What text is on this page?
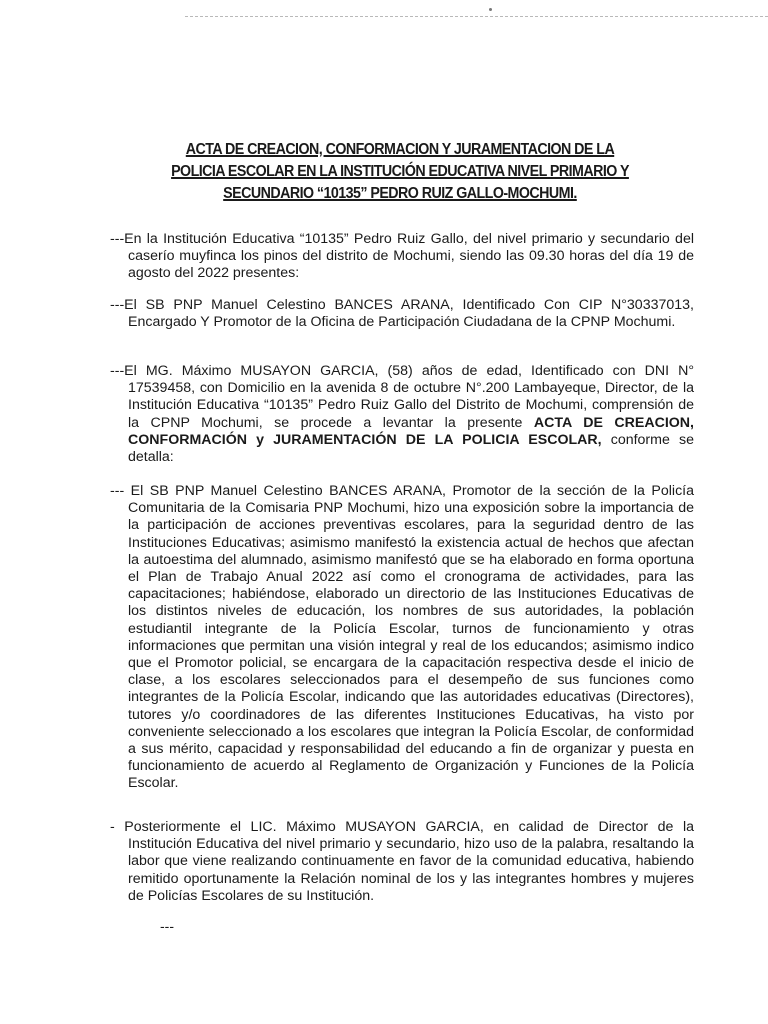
ACTA DE CREACION, CONFORMACION Y JURAMENTACION DE LA POLICIA ESCOLAR EN LA INSTITUCIÓN EDUCATIVA NIVEL PRIMARIO Y SECUNDARIO “10135” PEDRO RUIZ GALLO-MOCHUMI.
---En la Institución Educativa “10135” Pedro Ruiz Gallo, del nivel primario y secundario del caserío muyfinca los pinos del distrito de Mochumi, siendo las 09.30 horas del día 19 de agosto del 2022 presentes:
---El SB PNP Manuel Celestino BANCES ARANA, Identificado Con CIP N°30337013, Encargado Y Promotor de la Oficina de Participación Ciudadana de la CPNP Mochumi.
---El MG. Máximo MUSAYON GARCIA, (58) años de edad, Identificado con DNI N° 17539458, con Domicilio en la avenida 8 de octubre N°.200 Lambayeque, Director, de la Institución Educativa “10135” Pedro Ruiz Gallo del Distrito de Mochumi, comprensión de la CPNP Mochumi, se procede a levantar la presente ACTA DE CREACION, CONFORMACIÓN y JURAMENTACIÓN DE LA POLICIA ESCOLAR, conforme se detalla:
--- El SB PNP Manuel Celestino BANCES ARANA, Promotor de la sección de la Policía Comunitaria de la Comisaria PNP Mochumi, hizo una exposición sobre la importancia de la participación de acciones preventivas escolares, para la seguridad dentro de las Instituciones Educativas; asimismo manifestó la existencia actual de hechos que afectan la autoestima del alumnado, asimismo manifestó que se ha elaborado en forma oportuna el Plan de Trabajo Anual 2022 así como el cronograma de actividades, para las capacitaciones; habiéndose, elaborado un directorio de las Instituciones Educativas de los distintos niveles de educación, los nombres de sus autoridades, la población estudiantil integrante de la Policía Escolar, turnos de funcionamiento y otras informaciones que permitan una visión integral y real de los educandos; asimismo indico que el Promotor policial, se encargara de la capacitación respectiva desde el inicio de clase, a los escolares seleccionados para el desempeño de sus funciones como integrantes de la Policía Escolar, indicando que las autoridades educativas (Directores), tutores y/o coordinadores de las diferentes Instituciones Educativas, ha visto por conveniente seleccionado a los escolares que integran la Policía Escolar, de conformidad a sus mérito, capacidad y responsabilidad del educando a fin de organizar y puesta en funcionamiento de acuerdo al Reglamento de Organización y Funciones de la Policía Escolar.
- Posteriormente el LIC. Máximo MUSAYON GARCIA, en calidad de Director de la Institución Educativa del nivel primario y secundario, hizo uso de la palabra, resaltando la labor que viene realizando continuamente en favor de la comunidad educativa, habiendo remitido oportunamente la Relación nominal de los y las integrantes hombres y mujeres de Policías Escolares de su Institución.
---
